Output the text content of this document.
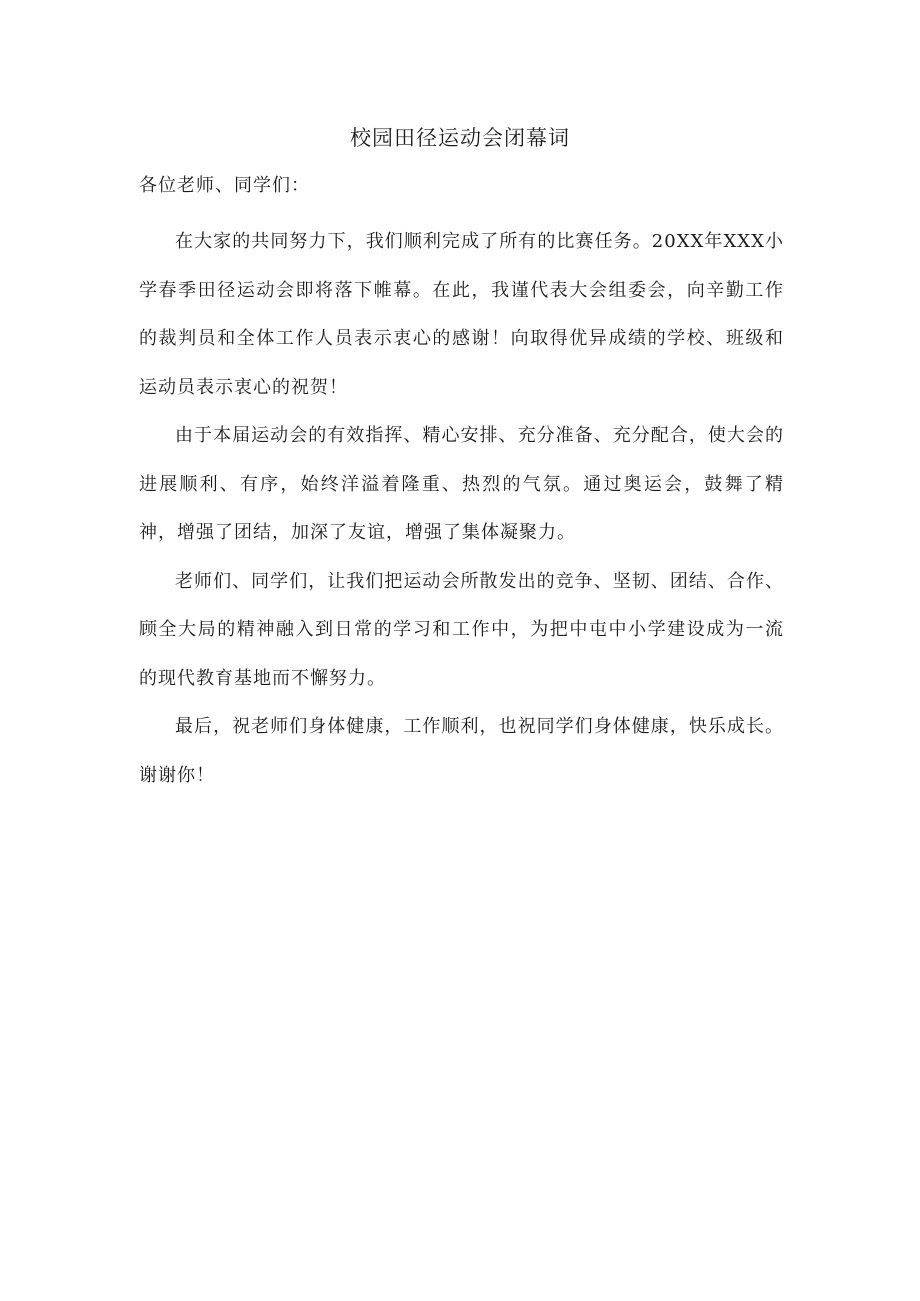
校园田径运动会闭幕词

各位老师、同学们：

在大家的共同努力下，我们顺利完成了所有的比赛任务。20XX年XXX小学春季田径运动会即将落下帷幕。在此，我谨代表大会组委会，向辛勤工作的裁判员和全体工作人员表示衷心的感谢！向取得优异成绩的学校、班级和运动员表示衷心的祝贺！

由于本届运动会的有效指挥、精心安排、充分准备、充分配合，使大会的进展顺利、有序，始终洋溢着隆重、热烈的气氛。通过奥运会，鼓舞了精神，增强了团结，加深了友谊，增强了集体凝聚力。

老师们、同学们，让我们把运动会所散发出的竞争、坚韧、团结、合作、顾全大局的精神融入到日常的学习和工作中，为把中屯中小学建设成为一流的现代教育基地而不懈努力。

最后，祝老师们身体健康，工作顺利，也祝同学们身体健康，快乐成长。谢谢你！
